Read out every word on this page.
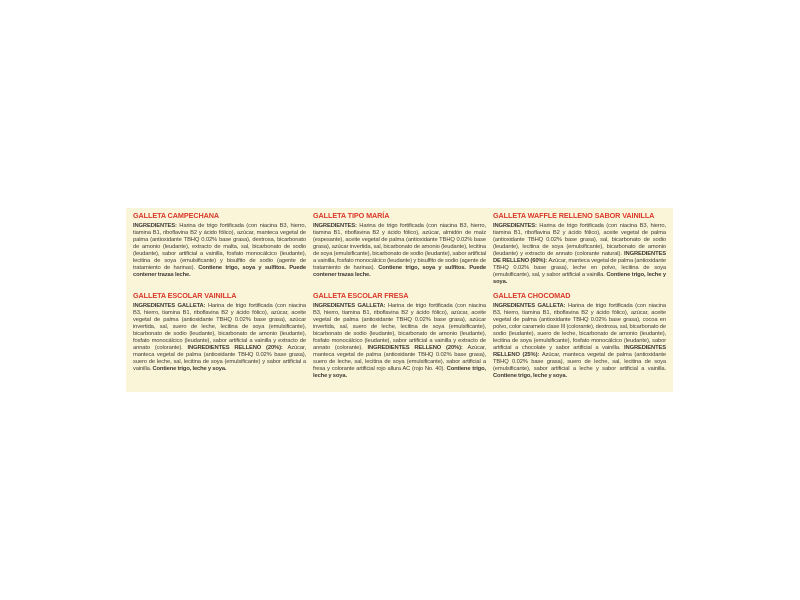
GALLETA CAMPECHANA

INGREDIENTES: Harina de trigo fortificada (con niacina B3, hierro, tiamina B1, riboflavina B2 y ácido fólico), azúcar, manteca vegetal de palma (antioxidante TBHQ 0.02% base grasa), dextrosa, bicarbonato de amonio (leudante), extracto de malta, sal, bicarbonato de sodio (leudante), sabor artificial a vainilla, fosfato monocálcico (leudante), lecitina de soya (emulsificante) y bisulfito de sodio (agente de tratamiento de harinas). Contiene trigo, soya y sulfitos. Puede contener trazas leche.

GALLETA TIPO MARÍA

INGREDIENTES: Harina de trigo fortificada (con niacina B3, hierro, tiamina B1, riboflavina B2 y ácido fólico), azúcar, almidón de maíz (espesante), aceite vegetal de palma (antioxidante TBHQ 0.02% base grasa), azúcar invertida, sal, bicarbonato de amonio (leudante), lecitina de soya (emulsificante), bicarbonato de sodio (leudante), sabor artificial a vainilla, fosfato monocálcico (leudante) y bisulfito de sodio (agente de tratamiento de harinas). Contiene trigo, soya y sulfitos. Puede contener trazas leche.

GALLETA WAFFLE RELLENO SABOR VAINILLA

INGREDIENTES: Harina de trigo fortificada (con niacina B3, hierro, tiamina B1, riboflavina B2 y ácido fólico), aceite vegetal de palma (antioxidante TBHQ 0.02% base grasa), sal, bicarbonato de sodio (leudante), lecitina de soya (emulsificante), bicarbonato de amonio (leudante) y extracto de annato (colorante natural). INGREDIENTES DE RELLENO (60%): Azúcar, manteca vegetal de palma (antioxidante TBHQ 0.02% base grasa), leche en polvo, lecitina de soya (emulsificante), sal, y sabor artificial a vainilla. Contiene trigo, leche y soya.

GALLETA ESCOLAR VAINILLA

INGREDIENTES GALLETA: Harina de trigo fortificada (con niacina B3, hierro, tiamina B1, riboflavina B2 y ácido fólico), azúcar, aceite vegetal de palma (antioxidante TBHQ 0.02% base grasa), azúcar invertida, sal, suero de leche, lecitina de soya (emulsificante), bicarbonato de sodio (leudante), bicarbonato de amonio (leudante), fosfato monocálcico (leudante), sabor artificial a vainilla y extracto de annato (colorante). INGREDIENTES RELLENO (20%): Azúcar, manteca vegetal de palma (antioxidante TBHQ 0.02% base grasa), suero de leche, sal, lecitina de soya (emulsificante) y sabor artificial a vainilla. Contiene trigo, leche y soya.

GALLETA ESCOLAR FRESA

INGREDIENTES GALLETA: Harina de trigo fortificada (con niacina B3, hierro, tiamina B1, riboflavina B2 y ácido fólico), azúcar, aceite vegetal de palma (antioxidante TBHQ 0.02% base grasa), azúcar invertida, sal, suero de leche, lecitina de soya (emulsificante), bicarbonato de sodio (leudante), bicarbonato de amonio (leudante), fosfato monocálcico (leudante), sabor artificial a vainilla y extracto de annato (colorante). INGREDIENTES RELLENO (20%): Azúcar, manteca vegetal de palma (antioxidante TBHQ 0.02% base grasa), suero de leche, sal, lecitina de soya (emulsificante), sabor artificial a fresa y colorante artificial rojo allura AC (rojo No. 40). Contiene trigo, leche y soya.

GALLETA CHOCOMAD

INGREDIENTES GALLETA: Harina de trigo fortificada (con niacina B3, hierro, tiamina B1, riboflavina B2 y ácido fólico), azúcar, aceite vegetal de palma (antioxidante TBHQ 0.02% base grasa), cocoa en polvo, color caramelo clase III (colorante), dextrosa, sal, bicarbonato de sodio (leudante), suero de leche, bicarbonato de amonio (leudante), lecitina de soya (emulsificante), fosfato monocálcico (leudante), sabor artificial a chocolate y sabor artificial a vainilla. INGREDIENTES RELLENO (25%): Azúcar, manteca vegetal de palma (antioxidante TBHQ 0.02% base grasa), suero de leche, sal, lecitina de soya (emulsificante), sabor artificial a leche y sabor artificial a vainilla. Contiene trigo, leche y soya.
